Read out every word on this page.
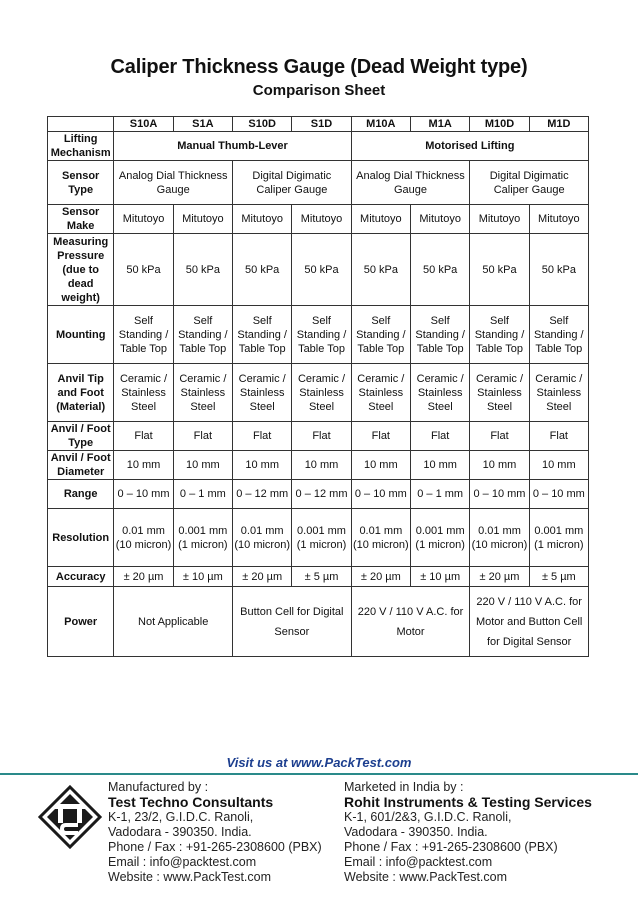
Caliper Thickness Gauge (Dead Weight type)
Comparison Sheet
	S10A	S1A	S10D	S1D	M10A	M1A	M10D	M1D
Lifting Mechanism	Manual Thumb-Lever				Motorised Lifting			
Sensor Type	Analog Dial Thickness Gauge		Digital Digimatic Caliper Gauge		Analog Dial Thickness Gauge		Digital Digimatic Caliper Gauge	
Sensor Make	Mitutoyo	Mitutoyo	Mitutoyo	Mitutoyo	Mitutoyo	Mitutoyo	Mitutoyo	Mitutoyo
Measuring Pressure (due to dead weight)	50 kPa	50 kPa	50 kPa	50 kPa	50 kPa	50 kPa	50 kPa	50 kPa
Mounting	Self Standing / Table Top	Self Standing / Table Top	Self Standing / Table Top	Self Standing / Table Top	Self Standing / Table Top	Self Standing / Table Top	Self Standing / Table Top	Self Standing / Table Top
Anvil Tip and Foot (Material)	Ceramic / Stainless Steel	Ceramic / Stainless Steel	Ceramic / Stainless Steel	Ceramic / Stainless Steel	Ceramic / Stainless Steel	Ceramic / Stainless Steel	Ceramic / Stainless Steel	Ceramic / Stainless Steel
Anvil / Foot Type	Flat	Flat	Flat	Flat	Flat	Flat	Flat	Flat
Anvil / Foot Diameter	10 mm	10 mm	10 mm	10 mm	10 mm	10 mm	10 mm	10 mm
Range	0 – 10 mm	0 – 1 mm	0 – 12 mm	0 – 12 mm	0 – 10 mm	0 – 1 mm	0 – 10 mm	0 – 10 mm
Resolution	0.01 mm (10 micron)	0.001 mm (1 micron)	0.01 mm (10 micron)	0.001 mm (1 micron)	0.01 mm (10 micron)	0.001 mm (1 micron)	0.01 mm (10 micron)	0.001 mm (1 micron)
Accuracy	± 20 µm	± 10 µm	± 20 µm	± 5 µm	± 20 µm	± 10 µm	± 20 µm	± 5 µm
Power	Not Applicable		Button Cell for Digital Sensor		220 V / 110 V A.C. for Motor		220 V / 110 V A.C. for Motor and Button Cell for Digital Sensor	
Visit us at www.PackTest.com
Manufactured by :
Test Techno Consultants
K-1, 23/2, G.I.D.C. Ranoli,
Vadodara - 390350. India.
Phone / Fax : +91-265-2308600 (PBX)
Email : info@packtest.com
Website : www.PackTest.com
Marketed in India by :
Rohit Instruments & Testing Services
K-1, 601/2&3, G.I.D.C. Ranoli,
Vadodara - 390350. India.
Phone / Fax : +91-265-2308600 (PBX)
Email : info@packtest.com
Website : www.PackTest.com
